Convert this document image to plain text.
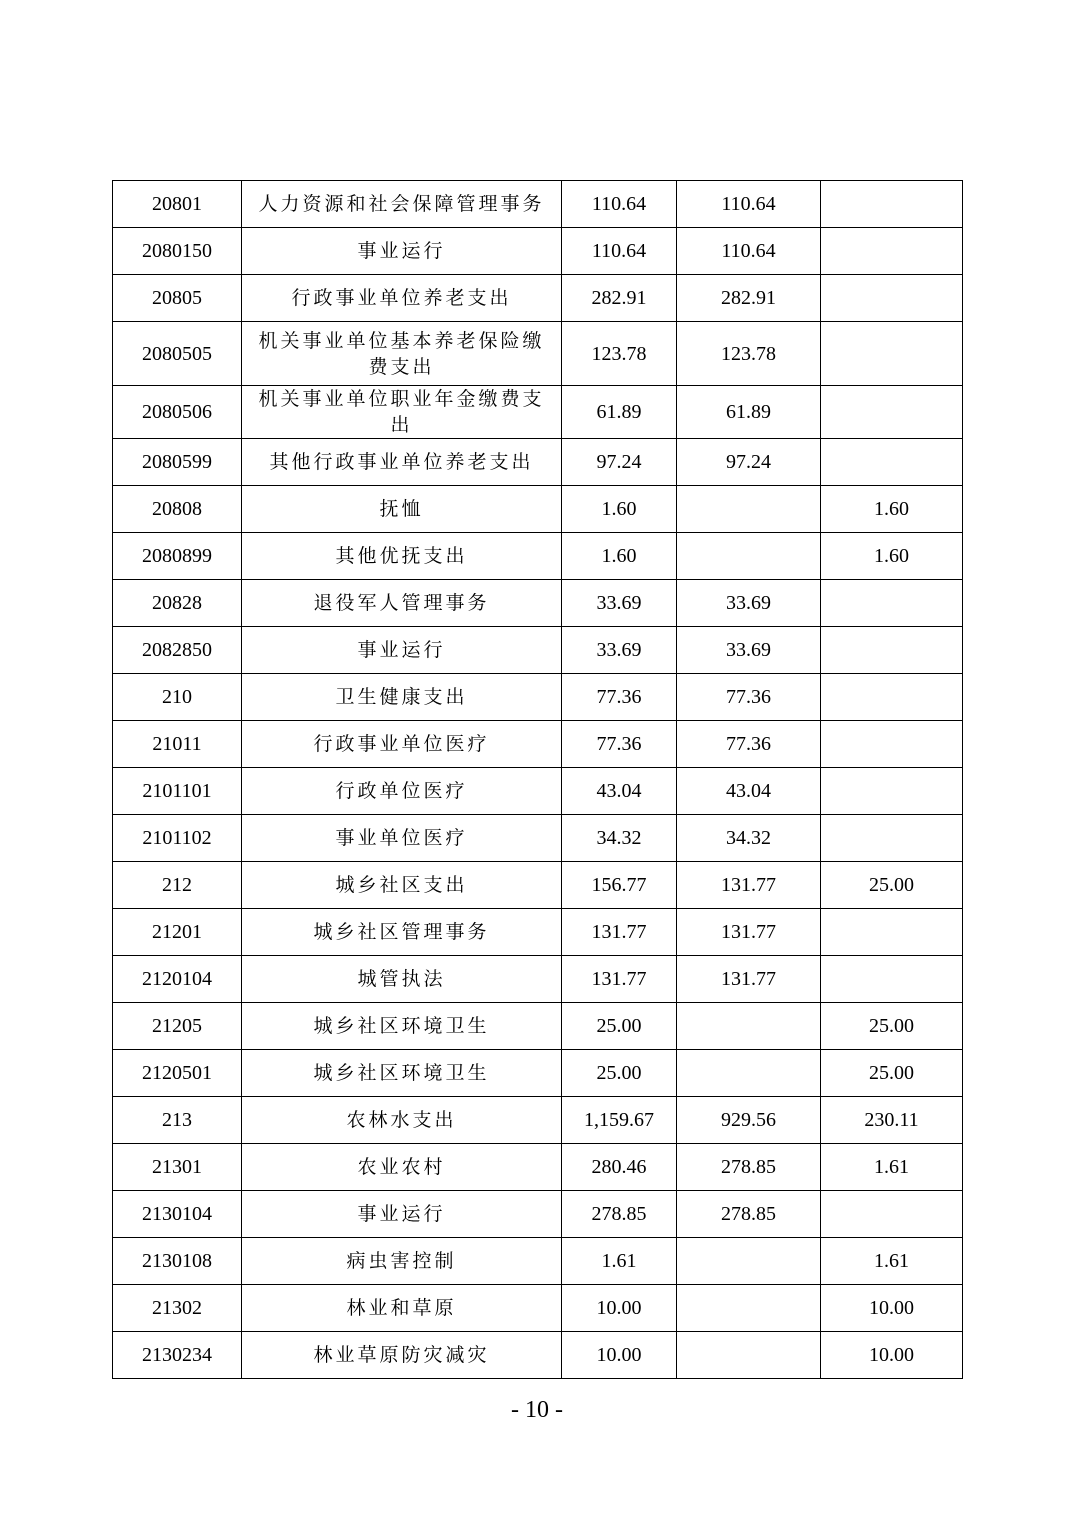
20801	人力资源和社会保障管理事务	110.64	110.64	
2080150	事业运行	110.64	110.64	
20805	行政事业单位养老支出	282.91	282.91	
2080505	机关事业单位基本养老保险缴费支出	123.78	123.78	
2080506	机关事业单位职业年金缴费支出	61.89	61.89	
2080599	其他行政事业单位养老支出	97.24	97.24	
20808	抚恤	1.60		1.60
2080899	其他优抚支出	1.60		1.60
20828	退役军人管理事务	33.69	33.69	
2082850	事业运行	33.69	33.69	
210	卫生健康支出	77.36	77.36	
21011	行政事业单位医疗	77.36	77.36	
2101101	行政单位医疗	43.04	43.04	
2101102	事业单位医疗	34.32	34.32	
212	城乡社区支出	156.77	131.77	25.00
21201	城乡社区管理事务	131.77	131.77	
2120104	城管执法	131.77	131.77	
21205	城乡社区环境卫生	25.00		25.00
2120501	城乡社区环境卫生	25.00		25.00
213	农林水支出	1,159.67	929.56	230.11
21301	农业农村	280.46	278.85	1.61
2130104	事业运行	278.85	278.85	
2130108	病虫害控制	1.61		1.61
21302	林业和草原	10.00		10.00
2130234	林业草原防灾减灾	10.00		10.00
- 10 -
